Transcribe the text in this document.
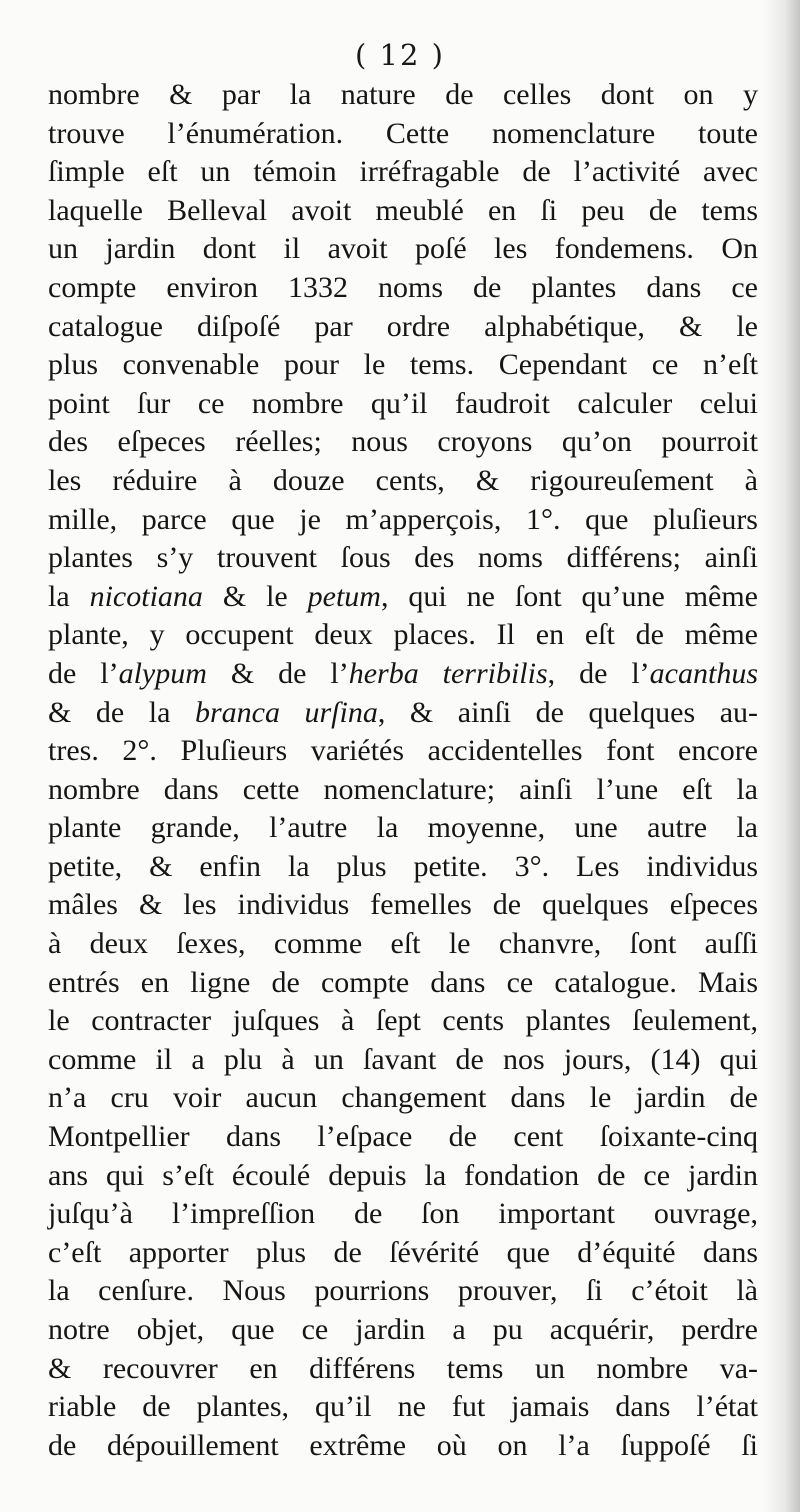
( 12 )
nombre & par la nature de celles dont on y
trouve l’énumération. Cette nomenclature toute
ſimple eſt un témoin irréfragable de l’activité avec
laquelle Belleval avoit meublé en ſi peu de tems
un jardin dont il avoit poſé les fondemens. On
compte environ 1332 noms de plantes dans ce
catalogue diſpoſé par ordre alphabétique, & le
plus convenable pour le tems. Cependant ce n’eſt
point ſur ce nombre qu’il faudroit calculer celui
des eſpeces réelles; nous croyons qu’on pourroit
les réduire à douze cents, & rigoureuſement à
mille, parce que je m’apperçois, 1°. que pluſieurs
plantes s’y trouvent ſous des noms différens; ainſi
la nicotiana & le petum, qui ne ſont qu’une même
plante, y occupent deux places. Il en eſt de même
de l’alypum & de l’herba terribilis, de l’acanthus
& de la branca urſina, & ainſi de quelques au-
tres. 2°. Pluſieurs variétés accidentelles font encore
nombre dans cette nomenclature; ainſi l’une eſt la
plante grande, l’autre la moyenne, une autre la
petite, & enfin la plus petite. 3°. Les individus
mâles & les individus femelles de quelques eſpeces
à deux ſexes, comme eſt le chanvre, ſont auſſi
entrés en ligne de compte dans ce catalogue. Mais
le contracter juſques à ſept cents plantes ſeulement,
comme il a plu à un ſavant de nos jours, (14) qui
n’a cru voir aucun changement dans le jardin de
Montpellier dans l’eſpace de cent ſoixante-cinq
ans qui s’eſt écoulé depuis la fondation de ce jardin
juſqu’à l’impreſſion de ſon important ouvrage,
c’eſt apporter plus de ſévérité que d’équité dans
la cenſure. Nous pourrions prouver, ſi c’étoit là
notre objet, que ce jardin a pu acquérir, perdre
& recouvrer en différens tems un nombre va-
riable de plantes, qu’il ne fut jamais dans l’état
de dépouillement extrême où on l’a ſuppoſé ſi
